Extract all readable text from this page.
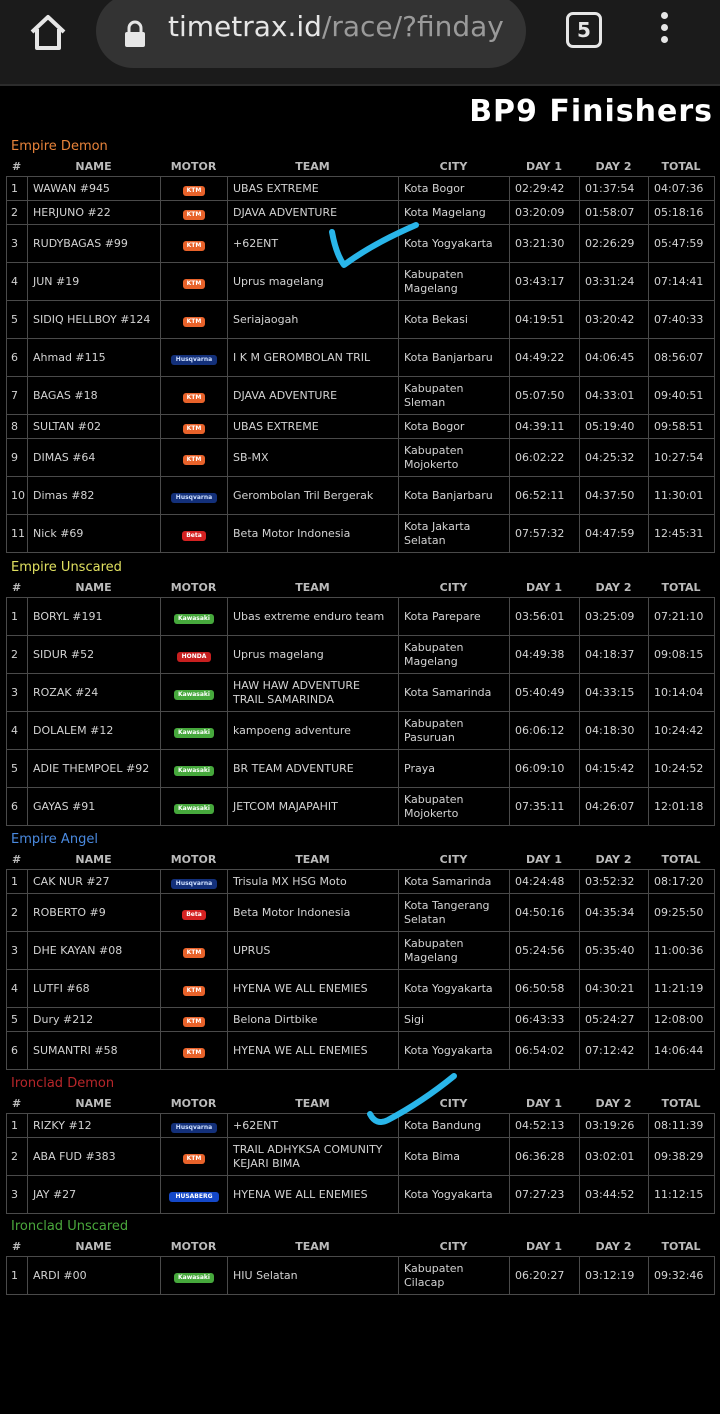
timetrax.id/race/?finday	5
BP9 Finishers
Empire Demon
#	NAME	MOTOR	TEAM	CITY	DAY 1	DAY 2	TOTAL
1	WAWAN #945	KTM	UBAS EXTREME	Kota Bogor	02:29:42	01:37:54	04:07:36
2	HERJUNO #22	KTM	DJAVA ADVENTURE	Kota Magelang	03:20:09	01:58:07	05:18:16
3	RUDYBAGAS #99	KTM	+62ENT	Kota Yogyakarta	03:21:30	02:26:29	05:47:59
4	JUN #19	KTM	Uprus magelang	Kabupaten Magelang	03:43:17	03:31:24	07:14:41
5	SIDIQ HELLBOY #124	KTM	Seriajaogah	Kota Bekasi	04:19:51	03:20:42	07:40:33
6	Ahmad #115	Husqvarna	I K M GEROMBOLAN TRIL	Kota Banjarbaru	04:49:22	04:06:45	08:56:07
7	BAGAS #18	KTM	DJAVA ADVENTURE	Kabupaten Sleman	05:07:50	04:33:01	09:40:51
8	SULTAN #02	KTM	UBAS EXTREME	Kota Bogor	04:39:11	05:19:40	09:58:51
9	DIMAS #64	KTM	SB-MX	Kabupaten Mojokerto	06:02:22	04:25:32	10:27:54
10	Dimas #82	Husqvarna	Gerombolan Tril Bergerak	Kota Banjarbaru	06:52:11	04:37:50	11:30:01
11	Nick #69	Beta	Beta Motor Indonesia	Kota Jakarta Selatan	07:57:32	04:47:59	12:45:31
Empire Unscared
#	NAME	MOTOR	TEAM	CITY	DAY 1	DAY 2	TOTAL
1	BORYL #191	Kawasaki	Ubas extreme enduro team	Kota Parepare	03:56:01	03:25:09	07:21:10
2	SIDUR #52	HONDA	Uprus magelang	Kabupaten Magelang	04:49:38	04:18:37	09:08:15
3	ROZAK #24	Kawasaki	HAW HAW ADVENTURE TRAIL SAMARINDA	Kota Samarinda	05:40:49	04:33:15	10:14:04
4	DOLALEM #12	Kawasaki	kampoeng adventure	Kabupaten Pasuruan	06:06:12	04:18:30	10:24:42
5	ADIE THEMPOEL #92	Kawasaki	BR TEAM ADVENTURE	Praya	06:09:10	04:15:42	10:24:52
6	GAYAS #91	Kawasaki	JETCOM MAJAPAHIT	Kabupaten Mojokerto	07:35:11	04:26:07	12:01:18
Empire Angel
#	NAME	MOTOR	TEAM	CITY	DAY 1	DAY 2	TOTAL
1	CAK NUR #27	Husqvarna	Trisula MX HSG Moto	Kota Samarinda	04:24:48	03:52:32	08:17:20
2	ROBERTO #9	Beta	Beta Motor Indonesia	Kota Tangerang Selatan	04:50:16	04:35:34	09:25:50
3	DHE KAYAN #08	KTM	UPRUS	Kabupaten Magelang	05:24:56	05:35:40	11:00:36
4	LUTFI #68	KTM	HYENA WE ALL ENEMIES	Kota Yogyakarta	06:50:58	04:30:21	11:21:19
5	Dury #212	KTM	Belona Dirtbike	Sigi	06:43:33	05:24:27	12:08:00
6	SUMANTRI #58	KTM	HYENA WE ALL ENEMIES	Kota Yogyakarta	06:54:02	07:12:42	14:06:44
Ironclad Demon
#	NAME	MOTOR	TEAM	CITY	DAY 1	DAY 2	TOTAL
1	RIZKY #12	Husqvarna	+62ENT	Kota Bandung	04:52:13	03:19:26	08:11:39
2	ABA FUD #383	KTM	TRAIL ADHYKSA COMUNITY KEJARI BIMA	Kota Bima	06:36:28	03:02:01	09:38:29
3	JAY #27	HUSABERG	HYENA WE ALL ENEMIES	Kota Yogyakarta	07:27:23	03:44:52	11:12:15
Ironclad Unscared
#	NAME	MOTOR	TEAM	CITY	DAY 1	DAY 2	TOTAL
1	ARDI #00	Kawasaki	HIU Selatan	Kabupaten Cilacap	06:20:27	03:12:19	09:32:46
